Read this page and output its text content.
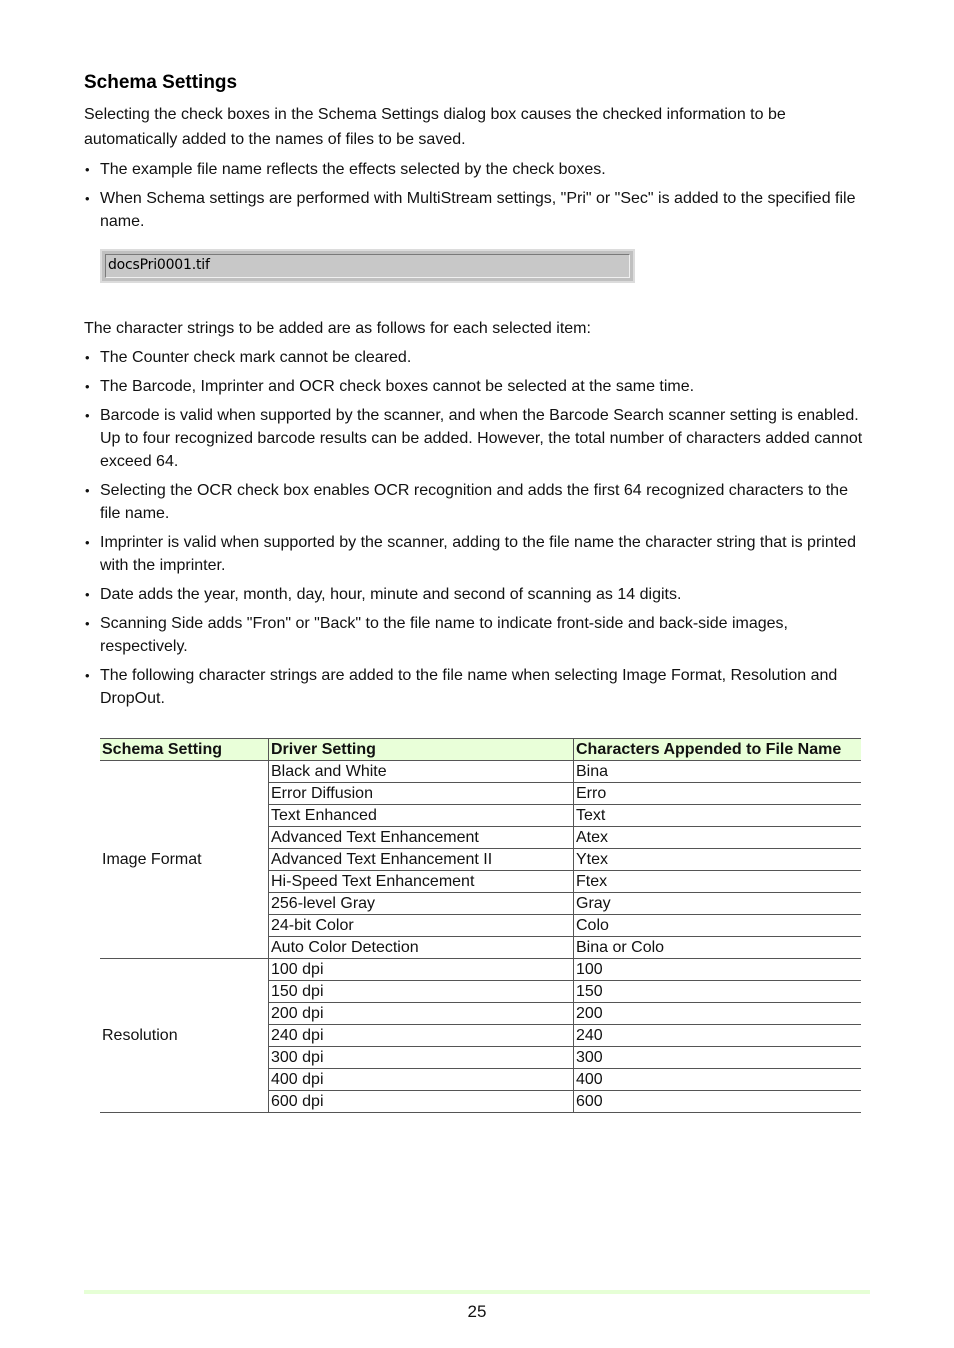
Schema Settings

Selecting the check boxes in the Schema Settings dialog box causes the checked information to be automatically added to the names of files to be saved.

• The example file name reflects the effects selected by the check boxes.
• When Schema settings are performed with MultiStream settings, "Pri" or "Sec" is added to the specified file name.
docsPri0001.tif

The character strings to be added are as follows for each selected item:

• The Counter check mark cannot be cleared.
• The Barcode, Imprinter and OCR check boxes cannot be selected at the same time.
• Barcode is valid when supported by the scanner, and when the Barcode Search scanner setting is enabled. Up to four recognized barcode results can be added. However, the total number of characters added cannot exceed 64.
• Selecting the OCR check box enables OCR recognition and adds the first 64 recognized characters to the file name.
• Imprinter is valid when supported by the scanner, adding to the file name the character string that is printed with the imprinter.
• Date adds the year, month, day, hour, minute and second of scanning as 14 digits.
• Scanning Side adds "Fron" or "Back" to the file name to indicate front-side and back-side images, respectively.
• The following character strings are added to the file name when selecting Image Format, Resolution and DropOut.
Schema Setting	Driver Setting	Characters Appended to File Name
Image Format	Black and White	Bina
	Error Diffusion	Erro
	Text Enhanced	Text
	Advanced Text Enhancement	Atex
	Advanced Text Enhancement II	Ytex
	Hi-Speed Text Enhancement	Ftex
	256-level Gray	Gray
	24-bit Color	Colo
	Auto Color Detection	Bina or Colo
Resolution	100 dpi	100
	150 dpi	150
	200 dpi	200
	240 dpi	240
	300 dpi	300
	400 dpi	400
	600 dpi	600
25
